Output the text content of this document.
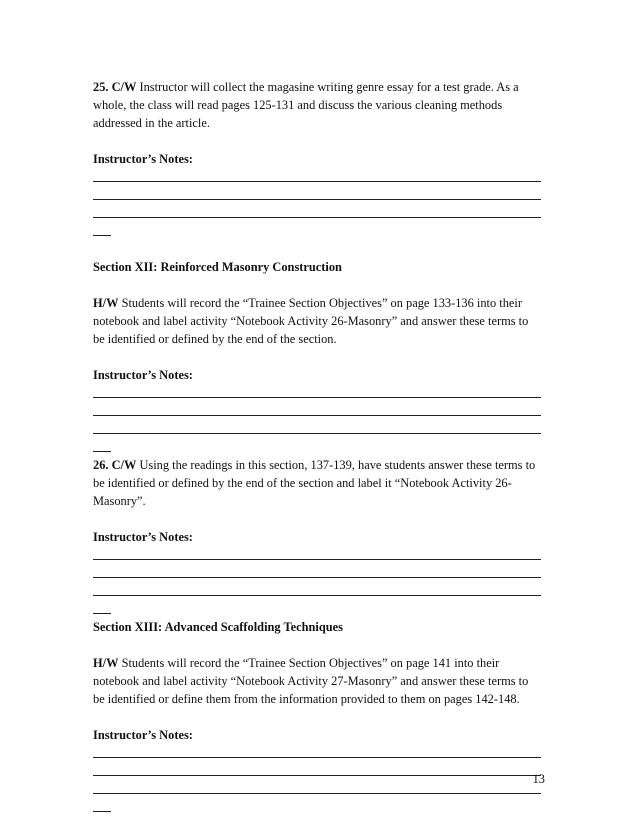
25. C/W Instructor will collect the magasine writing genre essay for a test grade. As a whole, the class will read pages 125-131 and discuss the various cleaning methods addressed in the article.

Instructor’s Notes:

Section XII: Reinforced Masonry Construction

H/W Students will record the “Trainee Section Objectives” on page 133-136 into their notebook and label activity “Notebook Activity 26-Masonry” and answer these terms to be identified or defined by the end of the section.

Instructor’s Notes:

26. C/W Using the readings in this section, 137-139, have students answer these terms to be identified or defined by the end of the section and label it “Notebook Activity 26-Masonry”.

Instructor’s Notes:

Section XIII: Advanced Scaffolding Techniques

H/W Students will record the “Trainee Section Objectives” on page 141 into their notebook and label activity “Notebook Activity 27-Masonry” and answer these terms to be identified or define them from the information provided to them on pages 142-148.

Instructor’s Notes:

13
